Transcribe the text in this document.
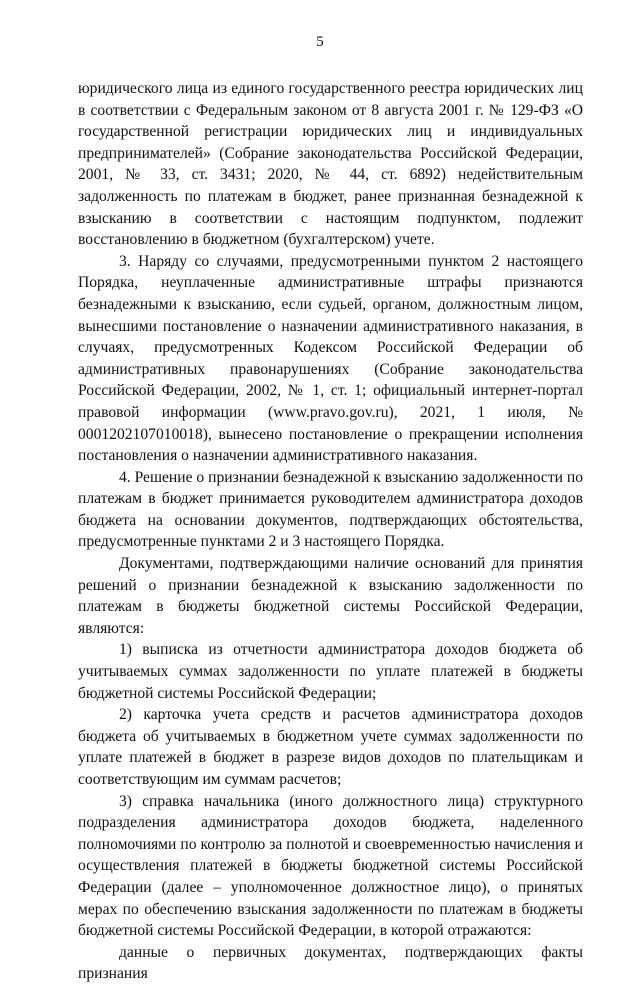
5

юридического лица из единого государственного реестра юридических лиц в соответствии с Федеральным законом от 8 августа 2001 г. № 129-ФЗ «О государственной регистрации юридических лиц и индивидуальных предпринимателей» (Собрание законодательства Российской Федерации, 2001, № 33, ст. 3431; 2020, № 44, ст. 6892) недействительным задолженность по платежам в бюджет, ранее признанная безнадежной к взысканию в соответствии с настоящим подпунктом, подлежит восстановлению в бюджетном (бухгалтерском) учете.

3. Наряду со случаями, предусмотренными пунктом 2 настоящего Порядка, неуплаченные административные штрафы признаются безнадежными к взысканию, если судьей, органом, должностным лицом, вынесшими постановление о назначении административного наказания, в случаях, предусмотренных Кодексом Российской Федерации об административных правонарушениях (Собрание законодательства Российской Федерации, 2002, № 1, ст. 1; официальный интернет-портал правовой информации (www.pravo.gov.ru), 2021, 1 июля, № 0001202107010018), вынесено постановление о прекращении исполнения постановления о назначении административного наказания.

4. Решение о признании безнадежной к взысканию задолженности по платежам в бюджет принимается руководителем администратора доходов бюджета на основании документов, подтверждающих обстоятельства, предусмотренные пунктами 2 и 3 настоящего Порядка.

Документами, подтверждающими наличие оснований для принятия решений о признании безнадежной к взысканию задолженности по платежам в бюджеты бюджетной системы Российской Федерации, являются:

1) выписка из отчетности администратора доходов бюджета об учитываемых суммах задолженности по уплате платежей в бюджеты бюджетной системы Российской Федерации;

2) карточка учета средств и расчетов администратора доходов бюджета об учитываемых в бюджетном учете суммах задолженности по уплате платежей в бюджет в разрезе видов доходов по плательщикам и соответствующим им суммам расчетов;

3) справка начальника (иного должностного лица) структурного подразделения администратора доходов бюджета, наделенного полномочиями по контролю за полнотой и своевременностью начисления и осуществления платежей в бюджеты бюджетной системы Российской Федерации (далее – уполномоченное должностное лицо), о принятых мерах по обеспечению взыскания задолженности по платежам в бюджеты бюджетной системы Российской Федерации, в которой отражаются:

данные о первичных документах, подтверждающих факты признания
